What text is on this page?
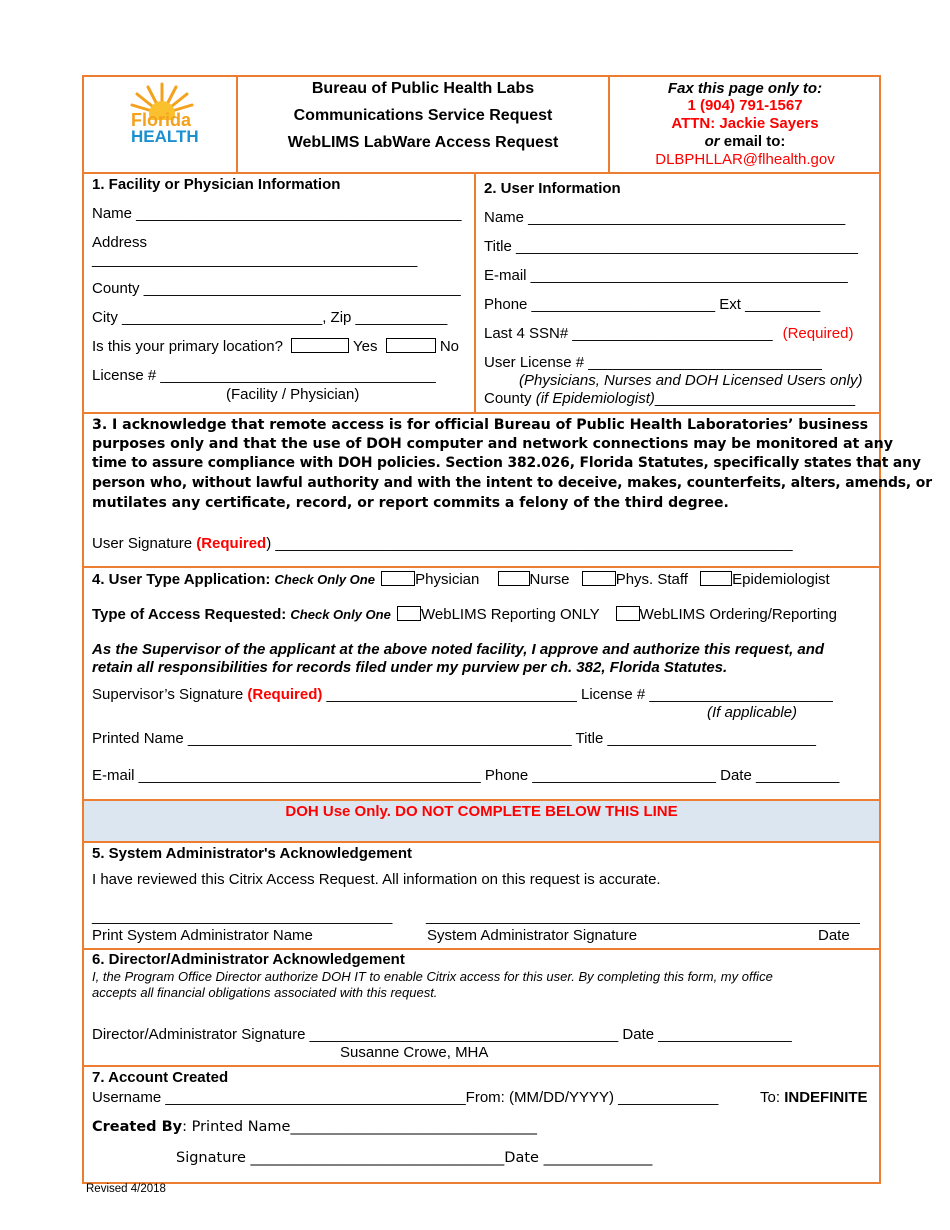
Florida
HEALTH
Bureau of Public Health Labs
Communications Service Request
WebLIMS LabWare Access Request
Fax this page only to:
1 (904) 791-1567
ATTN: Jackie Sayers
or email to:
DLBPHLLAR@flhealth.gov
1. Facility or Physician Information
Name _______________________________________
Address
_______________________________________
County ______________________________________
City ________________________, Zip ___________
Is this your primary location?	Yes	No
License # _________________________________
(Facility / Physician)
2. User Information
Name ______________________________________
Title _________________________________________
E-mail ______________________________________
Phone ______________________ Ext _________
Last 4 SSN# ________________________ (Required)
User License # ____________________________
(Physicians, Nurses and DOH Licensed Users only)
County (if Epidemiologist)________________________
3. I acknowledge that remote access is for official Bureau of Public Health Laboratories’ business
purposes only and that the use of DOH computer and network connections may be monitored at any
time to assure compliance with DOH policies. Section 382.026, Florida Statutes, specifically states that any
person who, without lawful authority and with the intent to deceive, makes, counterfeits, alters, amends, or
mutilates any certificate, record, or report commits a felony of the third degree.
User Signature (Required) ______________________________________________________________
4. User Type Application: Check Only One	Physician	Nurse	Phys. Staff	Epidemiologist
Type of Access Requested: Check Only One WebLIMS Reporting ONLY	WebLIMS Ordering/Reporting
As the Supervisor of the applicant at the above noted facility, I approve and authorize this request, and
retain all responsibilities for records filed under my purview per ch. 382, Florida Statutes.
Supervisor’s Signature (Required) ______________________________ License # ______________________
(If applicable)
Printed Name ______________________________________________ Title _________________________
E-mail _________________________________________ Phone ______________________ Date __________
DOH Use Only. DO NOT COMPLETE BELOW THIS LINE
5. System Administrator's Acknowledgement
I have reviewed this Citrix Access Request. All information on this request is accurate.
____________________________________ ____________________________________________________
Print System Administrator Name	System Administrator Signature	Date
6. Director/Administrator Acknowledgement
I, the Program Office Director authorize DOH IT to enable Citrix access for this user. By completing this form, my office
accepts all financial obligations associated with this request.
Director/Administrator Signature _____________________________________ Date ________________
Susanne Crowe, MHA
7. Account Created
Username ____________________________________From: (MM/DD/YYYY) ____________	To: INDEFINITE
Created By: Printed Name__________________________________
Signature ___________________________________Date _______________
Revised 4/2018
